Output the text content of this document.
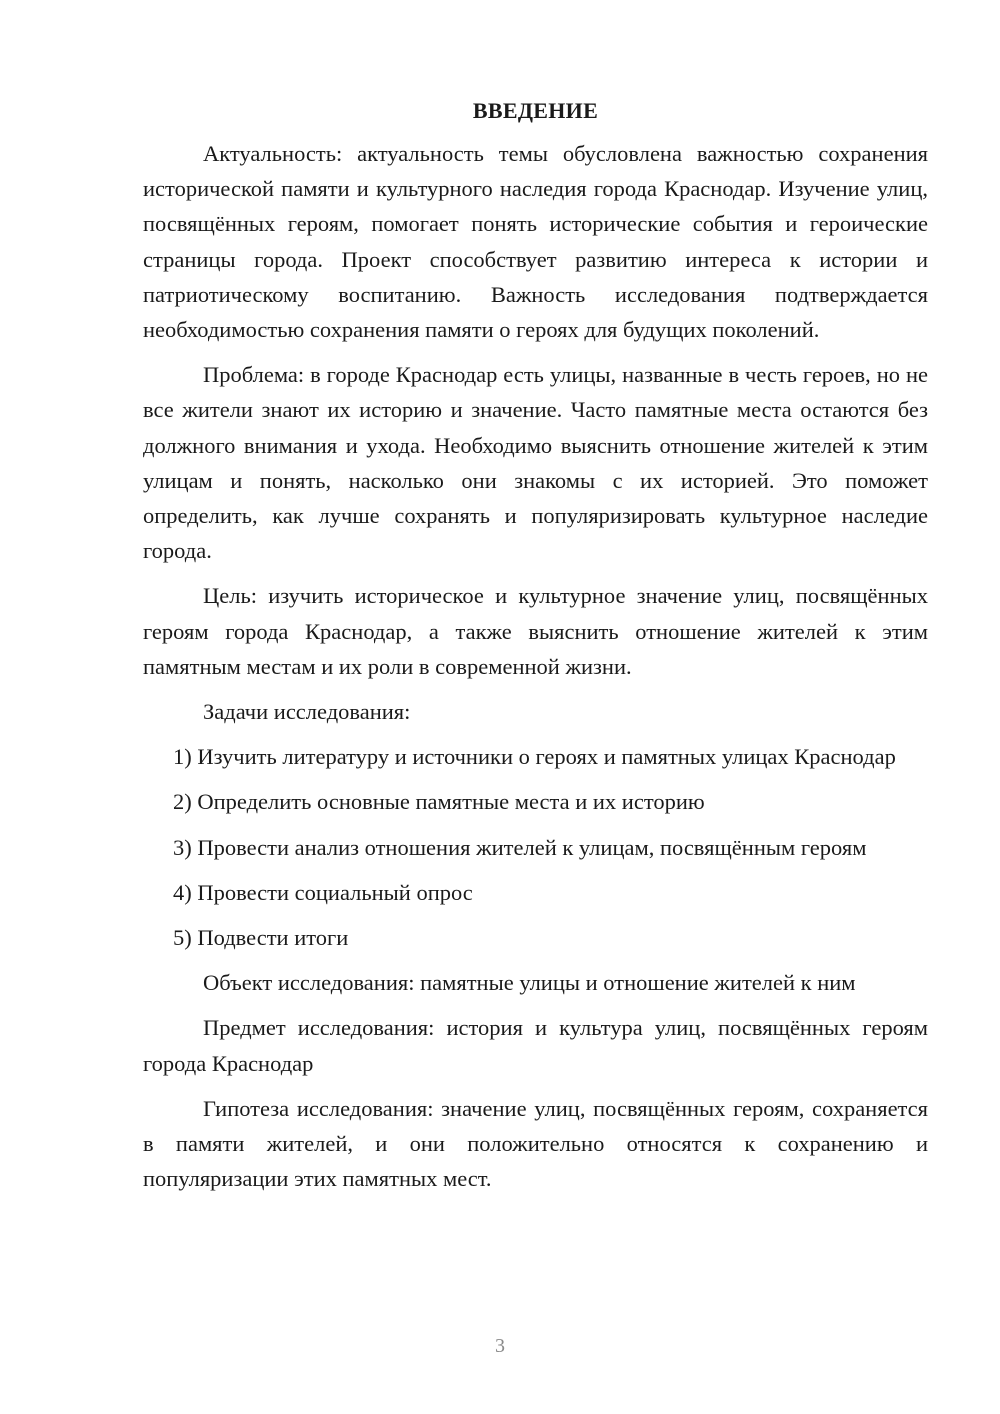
ВВЕДЕНИЕ

Актуальность: актуальность темы обусловлена важностью сохранения исторической памяти и культурного наследия города Краснодар. Изучение улиц, посвящённых героям, помогает понять исторические события и героические страницы города. Проект способствует развитию интереса к истории и патриотическому воспитанию. Важность исследования подтверждается необходимостью сохранения памяти о героях для будущих поколений.

Проблема: в городе Краснодар есть улицы, названные в честь героев, но не все жители знают их историю и значение. Часто памятные места остаются без должного внимания и ухода. Необходимо выяснить отношение жителей к этим улицам и понять, насколько они знакомы с их историей. Это поможет определить, как лучше сохранять и популяризировать культурное наследие города.

Цель: изучить историческое и культурное значение улиц, посвящённых героям города Краснодар, а также выяснить отношение жителей к этим памятным местам и их роли в современной жизни.

Задачи исследования:

1) Изучить литературу и источники о героях и памятных улицах Краснодар

2) Определить основные памятные места и их историю

3) Провести анализ отношения жителей к улицам, посвящённым героям

4) Провести социальный опрос

5) Подвести итоги

Объект исследования: памятные улицы и отношение жителей к ним

Предмет исследования: история и культура улиц, посвящённых героям города Краснодар

Гипотеза исследования: значение улиц, посвящённых героям, сохраняется в памяти жителей, и они положительно относятся к сохранению и популяризации этих памятных мест.

3
